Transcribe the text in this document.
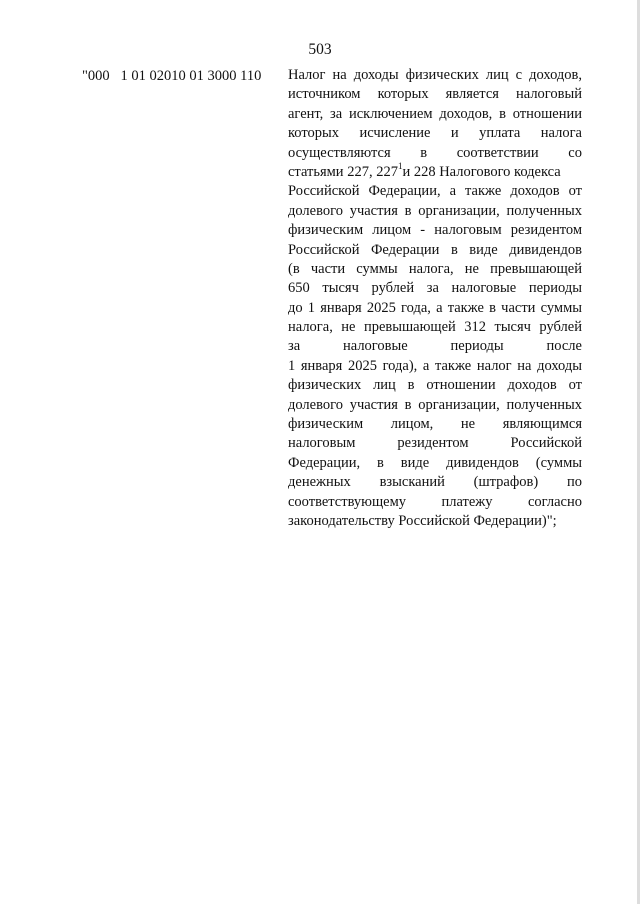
503
"000   1 01 02010 01 3000 110 Налог на доходы физических лиц с доходов,
источником которых является налоговый
агент, за исключением доходов, в отношении
которых исчисление и уплата налога
осуществляются в соответствии со
статьями 227, $227^1и$ 228 Налогового кодекса
Российской Федерации, а также доходов от
долевого участия в организации, полученных
физическим лицом - налоговым резидентом
Российской Федерации в виде дивидендов
(в части суммы налога, не превышающей
650 тысяч рублей за налоговые периоды
до 1 января 2025 года, а также в части суммы
налога, не превышающей 312 тысяч рублей
за	налоговые	периоды	после
1 января 2025 года), а также налог на доходы
физических лиц в отношении доходов от
долевого участия в организации, полученных
физическим лицом, не являющимся
налоговым	резидентом	Российской
Федерации, в виде дивидендов (суммы
денежных взысканий (штрафов) по
соответствующему платежу согласно
законодательству Российской Федерации)";
